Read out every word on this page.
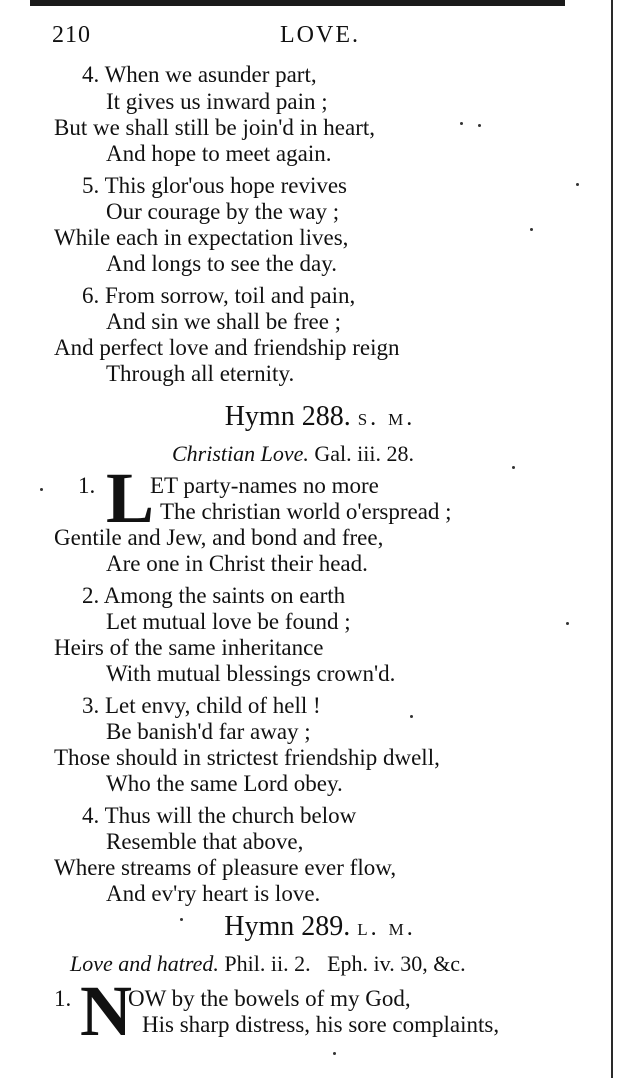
210	LOVE.
4. When we asunder part,
It gives us inward pain ;
But we shall still be join'd in heart,
And hope to meet again.
5. This glor'ous hope revives
Our courage by the way ;
While each in expectation lives,
And longs to see the day.
6. From sorrow, toil and pain,
And sin we shall be free ;
And perfect love and friendship reign
Through all eternity.
Hymn 288. s. m.
Christian Love. Gal. iii. 28.
1. L
ET party-names no more
The christian world o'erspread ;
Gentile and Jew, and bond and free,
Are one in Christ their head.
2. Among the saints on earth
Let mutual love be found ;
Heirs of the same inheritance
With mutual blessings crown'd.
3. Let envy, child of hell !
Be banish'd far away ;
Those should in strictest friendship dwell,
Who the same Lord obey.
4. Thus will the church below
Resemble that above,
Where streams of pleasure ever flow,
And ev'ry heart is love.
Hymn 289. l. m.
Love and hatred. Phil. ii. 2.   Eph. iv. 30, &c.
1. N
OW by the bowels of my God,
His sharp distress, his sore complaints,
